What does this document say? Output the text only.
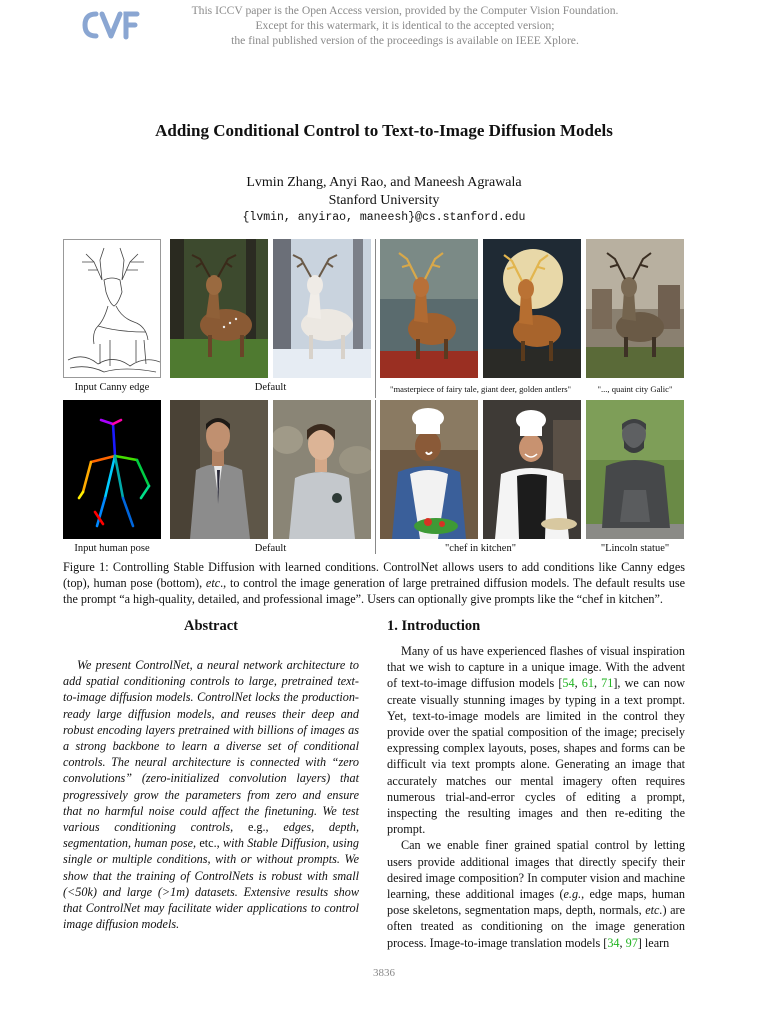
This ICCV paper is the Open Access version, provided by the Computer Vision Foundation.
Except for this watermark, it is identical to the accepted version;
the final published version of the proceedings is available on IEEE Xplore.
Adding Conditional Control to Text-to-Image Diffusion Models
Lvmin Zhang, Anyi Rao, and Maneesh Agrawala
Stanford University
{lvmin, anyirao, maneesh}@cs.stanford.edu
Input Canny edge	Default	"masterpiece of fairy tale, giant deer, golden antlers"	"..., quaint city Galic"
Input human pose	Default	"chef in kitchen"	"Lincoln statue"
Figure 1: Controlling Stable Diffusion with learned conditions. ControlNet allows users to add conditions like Canny edges (top), human pose (bottom), etc., to control the image generation of large pretrained diffusion models. The default results use the prompt “a high-quality, detailed, and professional image”. Users can optionally give prompts like the “chef in kitchen”.
Abstract
We present ControlNet, a neural network architecture to add spatial conditioning controls to large, pretrained text-to-image diffusion models. ControlNet locks the production-ready large diffusion models, and reuses their deep and robust encoding layers pretrained with billions of images as a strong backbone to learn a diverse set of conditional controls. The neural architecture is connected with “zero convolutions” (zero-initialized convolution layers) that progressively grow the parameters from zero and ensure that no harmful noise could affect the finetuning. We test various conditioning controls, e.g., edges, depth, segmentation, human pose, etc., with Stable Diffusion, using single or multiple conditions, with or without prompts. We show that the training of ControlNets is robust with small (<50k) and large (>1m) datasets. Extensive results show that ControlNet may facilitate wider applications to control image diffusion models.
1. Introduction

Many of us have experienced flashes of visual inspiration that we wish to capture in a unique image. With the advent of text-to-image diffusion models [54, 61, 71], we can now create visually stunning images by typing in a text prompt. Yet, text-to-image models are limited in the control they provide over the spatial composition of the image; precisely expressing complex layouts, poses, shapes and forms can be difficult via text prompts alone. Generating an image that accurately matches our mental imagery often requires numerous trial-and-error cycles of editing a prompt, inspecting the resulting images and then re-editing the prompt.

Can we enable finer grained spatial control by letting users provide additional images that directly specify their desired image composition? In computer vision and machine learning, these additional images (e.g., edge maps, human pose skeletons, segmentation maps, depth, normals, etc.) are often treated as conditioning on the image generation process. Image-to-image translation models [34, 97] learn

3836
